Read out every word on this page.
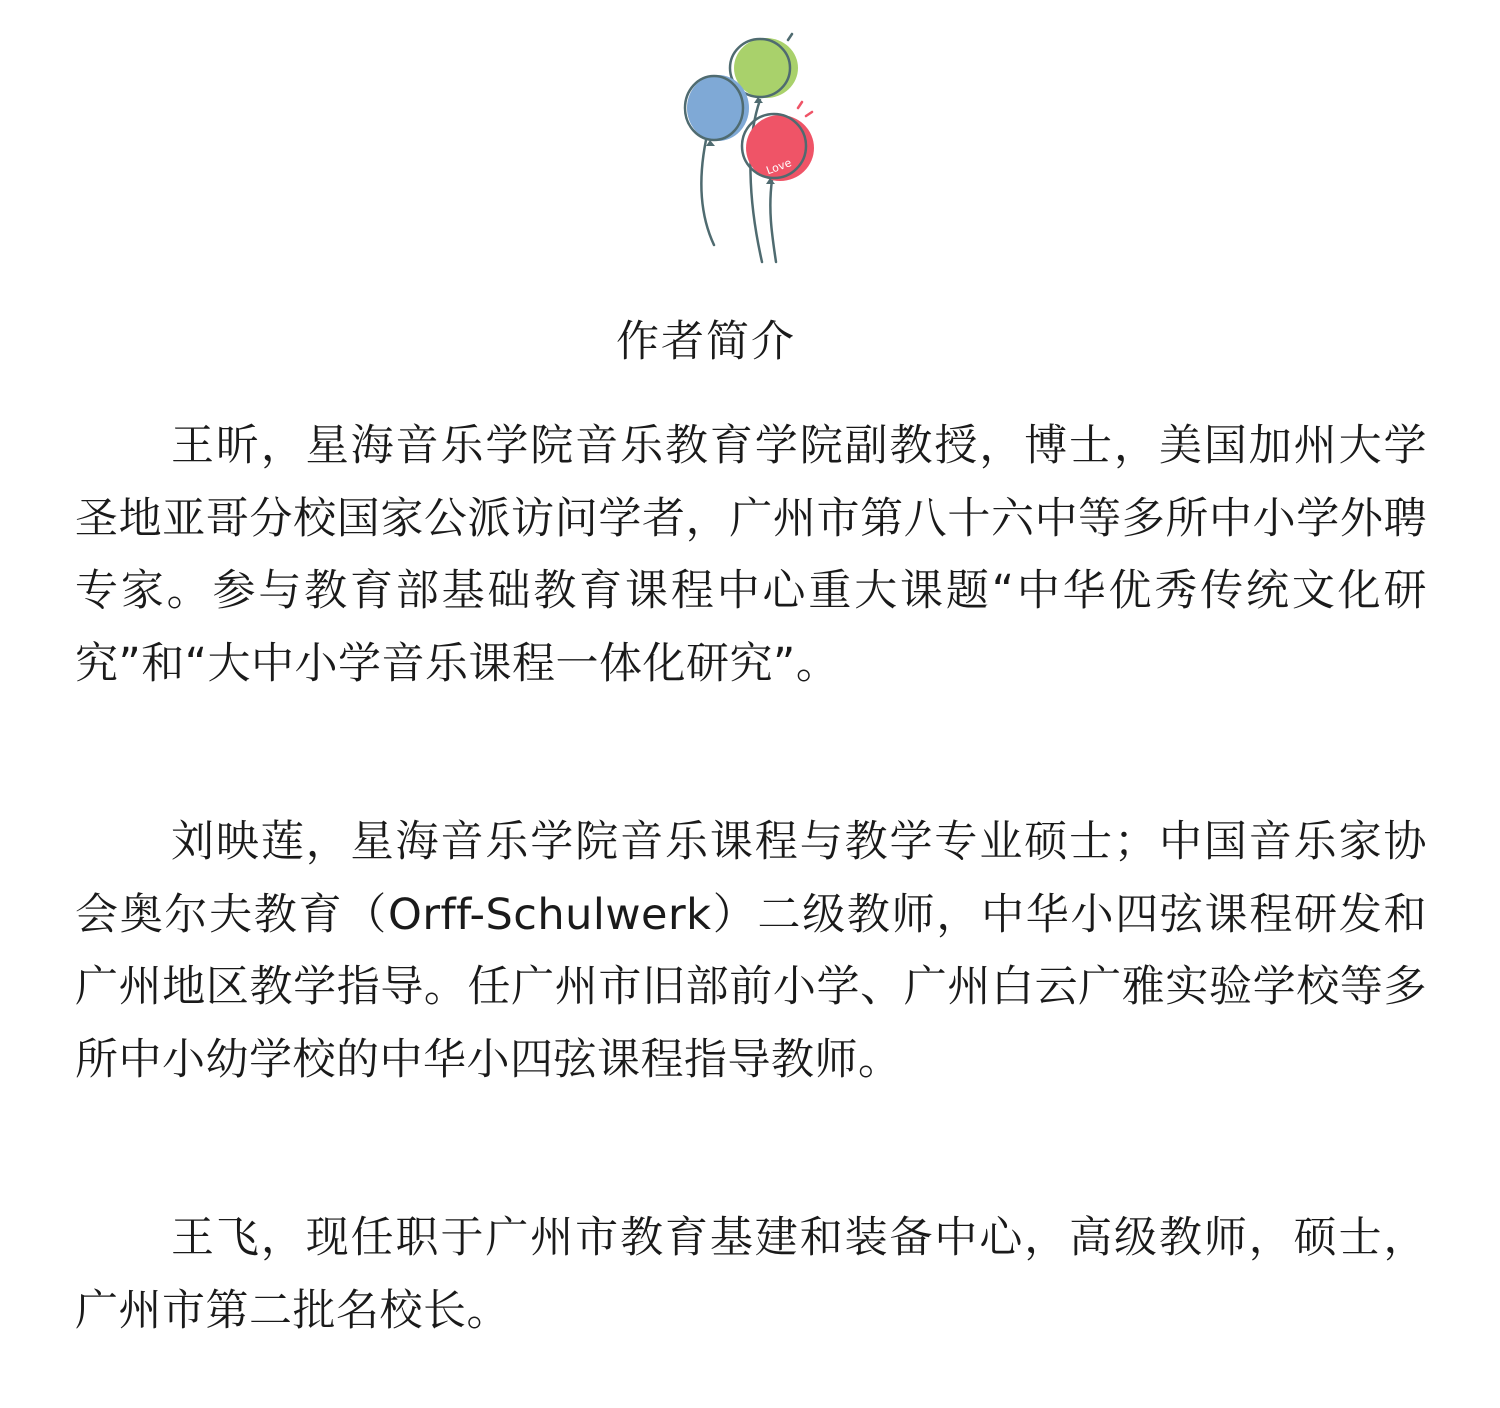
Love
作者简介

王昕，星海音乐学院音乐教育学院副教授，博士，美国加州大学圣地亚哥分校国家公派访问学者，广州市第八十六中等多所中小学外聘专家。参与教育部基础教育课程中心重大课题“中华优秀传统文化研究”和“大中小学音乐课程一体化研究”。

刘映莲，星海音乐学院音乐课程与教学专业硕士；中国音乐家协会奥尔夫教育（Orff-Schulwerk）二级教师，中华小四弦课程研发和广州地区教学指导。任广州市旧部前小学、广州白云广雅实验学校等多所中小幼学校的中华小四弦课程指导教师。

王飞，现任职于广州市教育基建和装备中心，高级教师，硕士，广州市第二批名校长。
